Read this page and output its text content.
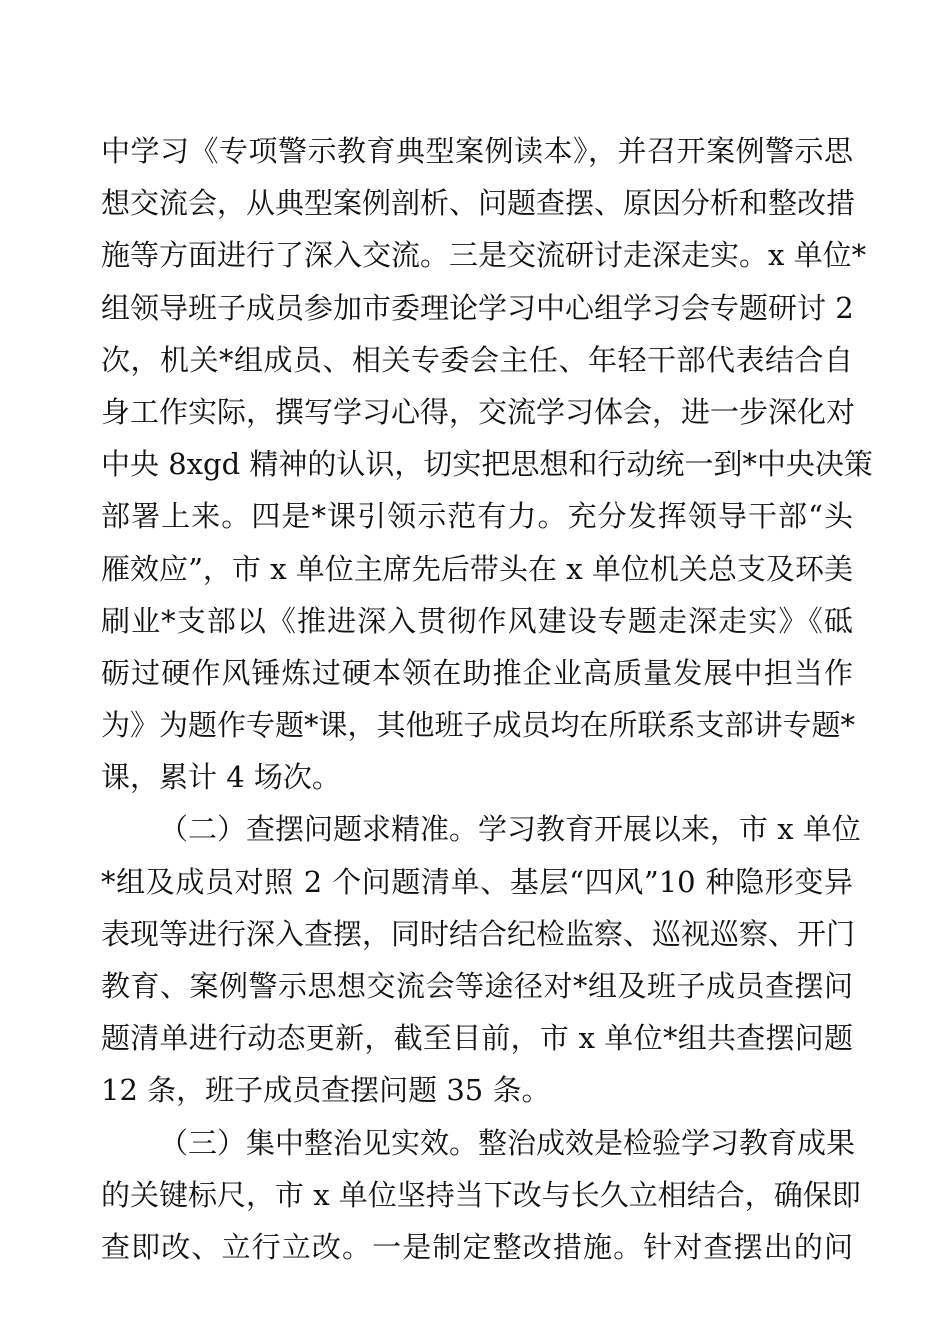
中学习《专项警示教育典型案例读本》，并召开案例警示思
想交流会，从典型案例剖析、问题查摆、原因分析和整改措
施等方面进行了深入交流。三是交流研讨走深走实。x 单位*
组领导班子成员参加市委理论学习中心组学习会专题研讨 2
次，机关*组成员、相关专委会主任、年轻干部代表结合自
身工作实际，撰写学习心得，交流学习体会，进一步深化对
中央 8xgd 精神的认识，切实把思想和行动统一到*中央决策
部署上来。四是*课引领示范有力。充分发挥领导干部“头
雁效应”，市 x 单位主席先后带头在 x 单位机关总支及环美
刷业*支部以《推进深入贯彻作风建设专题走深走实》《砥
砺过硬作风锤炼过硬本领在助推企业高质量发展中担当作
为》为题作专题*课，其他班子成员均在所联系支部讲专题*
课，累计 4 场次。
（二）查摆问题求精准。学习教育开展以来，市 x 单位
*组及成员对照 2 个问题清单、基层“四风”10 种隐形变异
表现等进行深入查摆，同时结合纪检监察、巡视巡察、开门
教育、案例警示思想交流会等途径对*组及班子成员查摆问
题清单进行动态更新，截至目前，市 x 单位*组共查摆问题
12 条，班子成员查摆问题 35 条。
（三）集中整治见实效。整治成效是检验学习教育成果
的关键标尺，市 x 单位坚持当下改与长久立相结合，确保即
查即改、立行立改。一是制定整改措施。针对查摆出的问
